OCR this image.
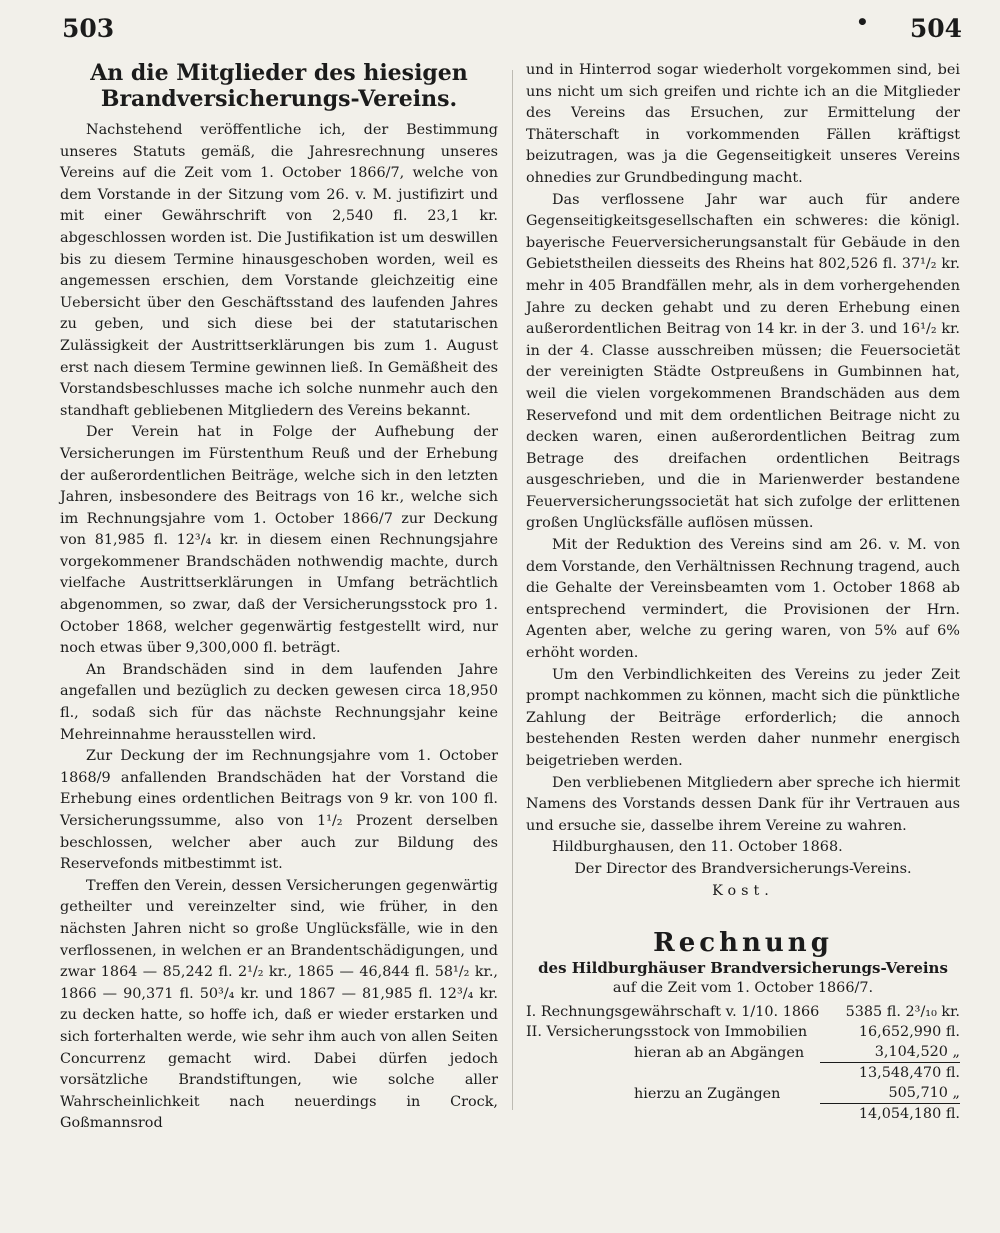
503	• 504
An die Mitglieder des hiesigen
Brandversicherungs-Vereins.

Nachstehend veröffentliche ich, der Bestimmung unseres Statuts gemäß, die Jahresrechnung unseres Vereins auf die Zeit vom 1. October 1866/7, welche von dem Vorstande in der Sitzung vom 26. v. M. justifizirt und mit einer Gewährschrift von 2,540 fl. 23,1 kr. abgeschlossen worden ist. Die Justifikation ist um deswillen bis zu diesem Termine hinausgeschoben worden, weil es angemessen erschien, dem Vorstande gleichzeitig eine Uebersicht über den Geschäftsstand des laufenden Jahres zu geben, und sich diese bei der statutarischen Zulässigkeit der Austrittserklärungen bis zum 1. August erst nach diesem Termine gewinnen ließ. In Gemäßheit des Vorstandsbeschlusses mache ich solche nunmehr auch den standhaft gebliebenen Mitgliedern des Vereins bekannt.

Der Verein hat in Folge der Aufhebung der Versicherungen im Fürstenthum Reuß und der Erhebung der außerordentlichen Beiträge, welche sich in den letzten Jahren, insbesondere des Beitrags von 16 kr., welche sich im Rechnungsjahre vom 1. October 1866/7 zur Deckung von 81,985 fl. 12³/₄ kr. in diesem einen Rechnungsjahre vorgekommener Brandschäden nothwendig machte, durch vielfache Austrittserklärungen in Umfang beträchtlich abgenommen, so zwar, daß der Versicherungsstock pro 1. October 1868, welcher gegenwärtig festgestellt wird, nur noch etwas über 9,300,000 fl. beträgt.

An Brandschäden sind in dem laufenden Jahre angefallen und bezüglich zu decken gewesen circa 18,950 fl., sodaß sich für das nächste Rechnungsjahr keine Mehreinnahme herausstellen wird.

Zur Deckung der im Rechnungsjahre vom 1. October 1868/9 anfallenden Brandschäden hat der Vorstand die Erhebung eines ordentlichen Beitrags von 9 kr. von 100 fl. Versicherungssumme, also von 1¹/₂ Prozent derselben beschlossen, welcher aber auch zur Bildung des Reservefonds mitbestimmt ist.

Treffen den Verein, dessen Versicherungen gegenwärtig getheilter und vereinzelter sind, wie früher, in den nächsten Jahren nicht so große Unglücksfälle, wie in den verflossenen, in welchen er an Brandentschädigungen, und zwar 1864 — 85,242 fl. 2¹/₂ kr., 1865 — 46,844 fl. 58¹/₂ kr., 1866 — 90,371 fl. 50³/₄ kr. und 1867 — 81,985 fl. 12³/₄ kr. zu decken hatte, so hoffe ich, daß er wieder erstarken und sich forterhalten werde, wie sehr ihm auch von allen Seiten Concurrenz gemacht wird. Dabei dürfen jedoch vorsätzliche Brandstiftungen, wie solche aller Wahrscheinlichkeit nach neuerdings in Crock, Goßmannsrod

und in Hinterrod sogar wiederholt vorgekommen sind, bei uns nicht um sich greifen und richte ich an die Mitglieder des Vereins das Ersuchen, zur Ermittelung der Thäterschaft in vorkommenden Fällen kräftigst beizutragen, was ja die Gegenseitigkeit unseres Vereins ohnedies zur Grundbedingung macht.

Das verflossene Jahr war auch für andere Gegenseitigkeitsgesellschaften ein schweres: die königl. bayerische Feuerversicherungsanstalt für Gebäude in den Gebietstheilen diesseits des Rheins hat 802,526 fl. 37¹/₂ kr. mehr in 405 Brandfällen mehr, als in dem vorhergehenden Jahre zu decken gehabt und zu deren Erhebung einen außerordentlichen Beitrag von 14 kr. in der 3. und 16¹/₂ kr. in der 4. Classe ausschreiben müssen; die Feuersocietät der vereinigten Städte Ostpreußens in Gumbinnen hat, weil die vielen vorgekommenen Brandschäden aus dem Reservefond und mit dem ordentlichen Beitrage nicht zu decken waren, einen außerordentlichen Beitrag zum Betrage des dreifachen ordentlichen Beitrags ausgeschrieben, und die in Marienwerder bestandene Feuerversicherungssocietät hat sich zufolge der erlittenen großen Unglücksfälle auflösen müssen.

Mit der Reduktion des Vereins sind am 26. v. M. von dem Vorstande, den Verhältnissen Rechnung tragend, auch die Gehalte der Vereinsbeamten vom 1. October 1868 ab entsprechend vermindert, die Provisionen der Hrn. Agenten aber, welche zu gering waren, von 5% auf 6% erhöht worden.

Um den Verbindlichkeiten des Vereins zu jeder Zeit prompt nachkommen zu können, macht sich die pünktliche Zahlung der Beiträge erforderlich; die annoch bestehenden Resten werden daher nunmehr energisch beigetrieben werden.

Den verbliebenen Mitgliedern aber spreche ich hiermit Namens des Vorstands dessen Dank für ihr Vertrauen aus und ersuche sie, dasselbe ihrem Vereine zu wahren.

Hildburghausen, den 11. October 1868.
Der Director des Brandversicherungs-Vereins.
Kost.
Rechnung
des Hildburghäuser Brandversicherungs-Vereins
auf die Zeit vom 1. October 1866/7.
I. Rechnungsgewährschaft v. 1/10. 1866	5385 fl. 2³/₁₀ kr.
II. Versicherungsstock von Immobilien	16,652,990 fl.
hieran ab an Abgängen	3,104,520 „
	13,548,470 fl.
hierzu an Zugängen	505,710 „
	14,054,180 fl.
